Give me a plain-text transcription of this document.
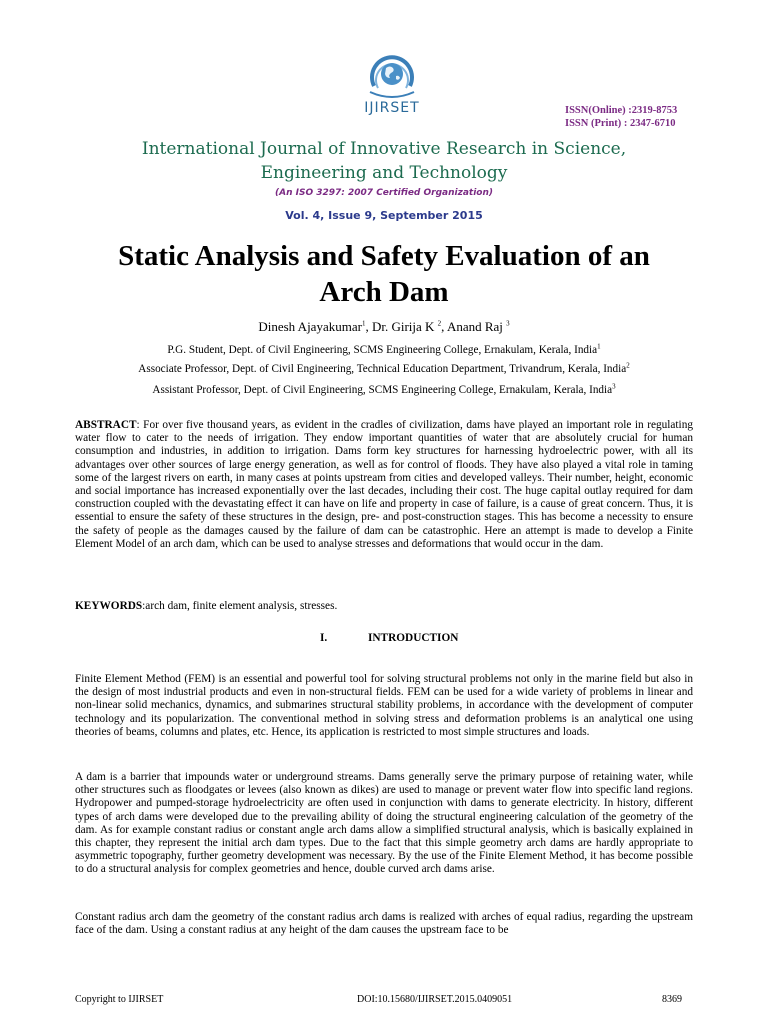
IJIRSET	ISSN(Online) :2319-8753
ISSN (Print) : 2347-6710
International Journal of Innovative Research in Science,
Engineering and Technology
(An ISO 3297: 2007 Certified Organization)
Vol. 4, Issue 9, September 2015
Static Analysis and Safety Evaluation of an
Arch Dam
Dinesh Ajayakumar$^1$, Dr. Girija K $^2$, Anand Raj $^3$
P.G. Student, Dept. of Civil Engineering, SCMS Engineering College, Ernakulam, Kerala, India$^1$
Associate Professor, Dept. of Civil Engineering, Technical Education Department, Trivandrum, Kerala, India$^2$
Assistant Professor, Dept. of Civil Engineering, SCMS Engineering College, Ernakulam, Kerala, India$^3$

ABSTRACT: For over five thousand years, as evident in the cradles of civilization, dams have played an important role in regulating water flow to cater to the needs of irrigation. They endow important quantities of water that are absolutely crucial for human consumption and industries, in addition to irrigation. Dams form key structures for harnessing hydroelectric power, with all its advantages over other sources of large energy generation, as well as for control of floods. They have also played a vital role in taming some of the largest rivers on earth, in many cases at points upstream from cities and developed valleys. Their number, height, economic and social importance has increased exponentially over the last decades, including their cost. The huge capital outlay required for dam construction coupled with the devastating effect it can have on life and property in case of failure, is a cause of great concern. Thus, it is essential to ensure the safety of these structures in the design, pre- and post-construction stages. This has become a necessity to ensure the safety of people as the damages caused by the failure of dam can be catastrophic. Here an attempt is made to develop a Finite Element Model of an arch dam, which can be used to analyse stresses and deformations that would occur in the dam.

KEYWORDS:arch dam, finite element analysis, stresses.
I.	INTRODUCTION

Finite Element Method (FEM) is an essential and powerful tool for solving structural problems not only in the marine field but also in the design of most industrial products and even in non-structural fields. FEM can be used for a wide variety of problems in linear and non-linear solid mechanics, dynamics, and submarines structural stability problems, in accordance with the development of computer technology and its popularization. The conventional method in solving stress and deformation problems is an analytical one using theories of beams, columns and plates, etc. Hence, its application is restricted to most simple structures and loads.

A dam is a barrier that impounds water or underground streams. Dams generally serve the primary purpose of retaining water, while other structures such as floodgates or levees (also known as dikes) are used to manage or prevent water flow into specific land regions. Hydropower and pumped-storage hydroelectricity are often used in conjunction with dams to generate electricity. In history, different types of arch dams were developed due to the prevailing ability of doing the structural engineering calculation of the geometry of the dam. As for example constant radius or constant angle arch dams allow a simplified structural analysis, which is basically explained in this chapter, they represent the initial arch dam types. Due to the fact that this simple geometry arch dams are hardly appropriate to asymmetric topography, further geometry development was necessary. By the use of the Finite Element Method, it has become possible to do a structural analysis for complex geometries and hence, double curved arch dams arise.

Constant radius arch dam the geometry of the constant radius arch dams is realized with arches of equal radius, regarding the upstream face of the dam. Using a constant radius at any height of the dam causes the upstream face to be

Copyright to IJIRSET	DOI:10.15680/IJIRSET.2015.0409051	8369
